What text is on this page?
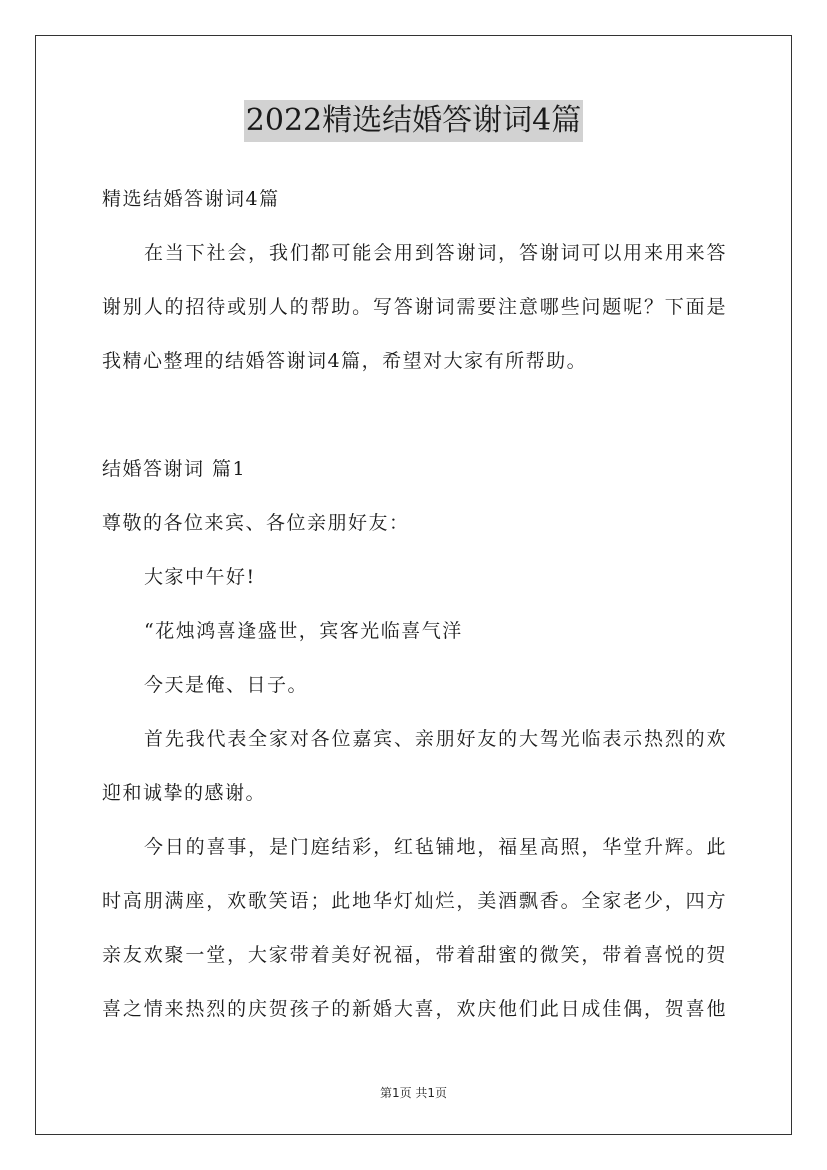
2022精选结婚答谢词4篇

精选结婚答谢词4篇

在当下社会，我们都可能会用到答谢词，答谢词可以用来用来答

谢别人的招待或别人的帮助。写答谢词需要注意哪些问题呢？下面是

我精心整理的结婚答谢词4篇，希望对大家有所帮助。

结婚答谢词 篇1

尊敬的各位来宾、各位亲朋好友：

大家中午好!

“花烛鸿喜逢盛世，宾客光临喜气洋

今天是俺、日子。

首先我代表全家对各位嘉宾、亲朋好友的大驾光临表示热烈的欢

迎和诚挚的感谢。

今日的喜事，是门庭结彩，红毡铺地，福星高照，华堂升辉。此

时高朋满座，欢歌笑语；此地华灯灿烂，美酒飘香。全家老少，四方

亲友欢聚一堂，大家带着美好祝福，带着甜蜜的微笑，带着喜悦的贺

喜之情来热烈的庆贺孩子的新婚大喜，欢庆他们此日成佳偶，贺喜他

第1页 共1页
